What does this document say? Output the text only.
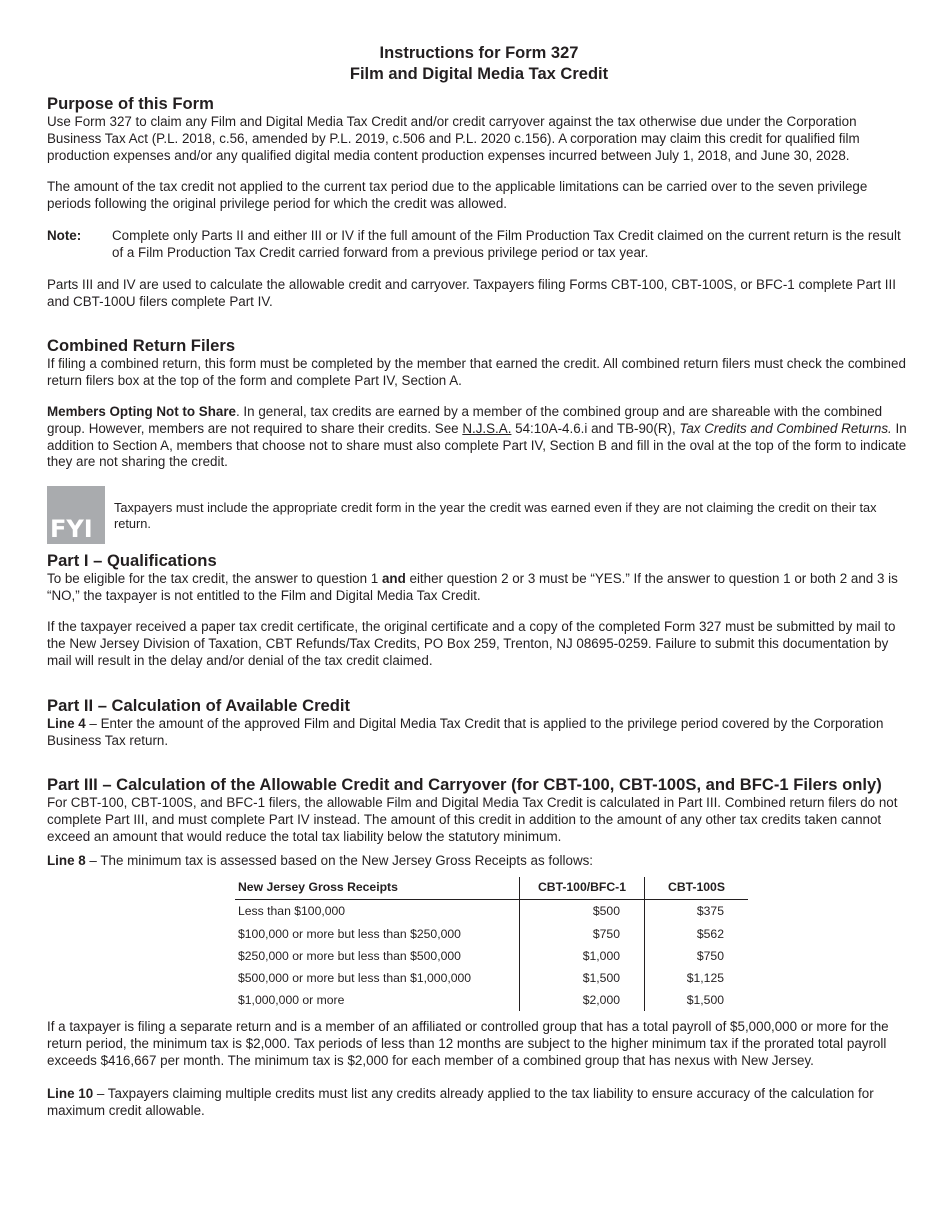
Instructions for Form 327
Film and Digital Media Tax Credit
Purpose of this Form

Use Form 327 to claim any Film and Digital Media Tax Credit and/or credit carryover against the tax otherwise due under the Corporation Business Tax Act (P.L. 2018, c.56, amended by P.L. 2019, c.506 and P.L. 2020 c.156). A corporation may claim this credit for qualified film production expenses and/or any qualified digital media content production expenses incurred between July 1, 2018, and June 30, 2028.

The amount of the tax credit not applied to the current tax period due to the applicable limitations can be carried over to the seven privilege periods following the original privilege period for which the credit was allowed.

Note: Complete only Parts II and either III or IV if the full amount of the Film Production Tax Credit claimed on the current return is the result of a Film Production Tax Credit carried forward from a previous privilege period or tax year.

Parts III and IV are used to calculate the allowable credit and carryover. Taxpayers filing Forms CBT-100, CBT-100S, or BFC-1 complete Part III and CBT-100U filers complete Part IV.

Combined Return Filers

If filing a combined return, this form must be completed by the member that earned the credit. All combined return filers must check the combined return filers box at the top of the form and complete Part IV, Section A.

Members Opting Not to Share. In general, tax credits are earned by a member of the combined group and are shareable with the combined group. However, members are not required to share their credits. See N.J.S.A. 54:10A-4.6.i and TB-90(R), Tax Credits and Combined Returns. In addition to Section A, members that choose not to share must also complete Part IV, Section B and fill in the oval at the top of the form to indicate they are not sharing the credit.

FYI

Taxpayers must include the appropriate credit form in the year the credit was earned even if they are not claiming the credit on their tax return.

Part I – Qualifications

To be eligible for the tax credit, the answer to question 1 and either question 2 or 3 must be “YES.” If the answer to question 1 or both 2 and 3 is “NO,” the taxpayer is not entitled to the Film and Digital Media Tax Credit.

If the taxpayer received a paper tax credit certificate, the original certificate and a copy of the completed Form 327 must be submitted by mail to the New Jersey Division of Taxation, CBT Refunds/Tax Credits, PO Box 259, Trenton, NJ 08695-0259. Failure to submit this documentation by mail will result in the delay and/or denial of the tax credit claimed.

Part II – Calculation of Available Credit

Line 4 – Enter the amount of the approved Film and Digital Media Tax Credit that is applied to the privilege period covered by the Corporation Business Tax return.

Part III – Calculation of the Allowable Credit and Carryover (for CBT-100, CBT-100S, and BFC-1 Filers only)

For CBT-100, CBT-100S, and BFC-1 filers, the allowable Film and Digital Media Tax Credit is calculated in Part III. Combined return filers do not complete Part III, and must complete Part IV instead. The amount of this credit in addition to the amount of any other tax credits taken cannot exceed an amount that would reduce the total tax liability below the statutory minimum.

Line 8 – The minimum tax is assessed based on the New Jersey Gross Receipts as follows:

New Jersey Gross Receipts	CBT-100/BFC-1	CBT-100S
Less than $100,000	$500	$375
$100,000 or more but less than $250,000	$750	$562
$250,000 or more but less than $500,000	$1,000	$750
$500,000 or more but less than $1,000,000	$1,500	$1,125
$1,000,000 or more	$2,000	$1,500

If a taxpayer is filing a separate return and is a member of an affiliated or controlled group that has a total payroll of $5,000,000 or more for the return period, the minimum tax is $2,000. Tax periods of less than 12 months are subject to the higher minimum tax if the prorated total payroll exceeds $416,667 per month. The minimum tax is $2,000 for each member of a combined group that has nexus with New Jersey.

Line 10 – Taxpayers claiming multiple credits must list any credits already applied to the tax liability to ensure accuracy of the calculation for maximum credit allowable.
